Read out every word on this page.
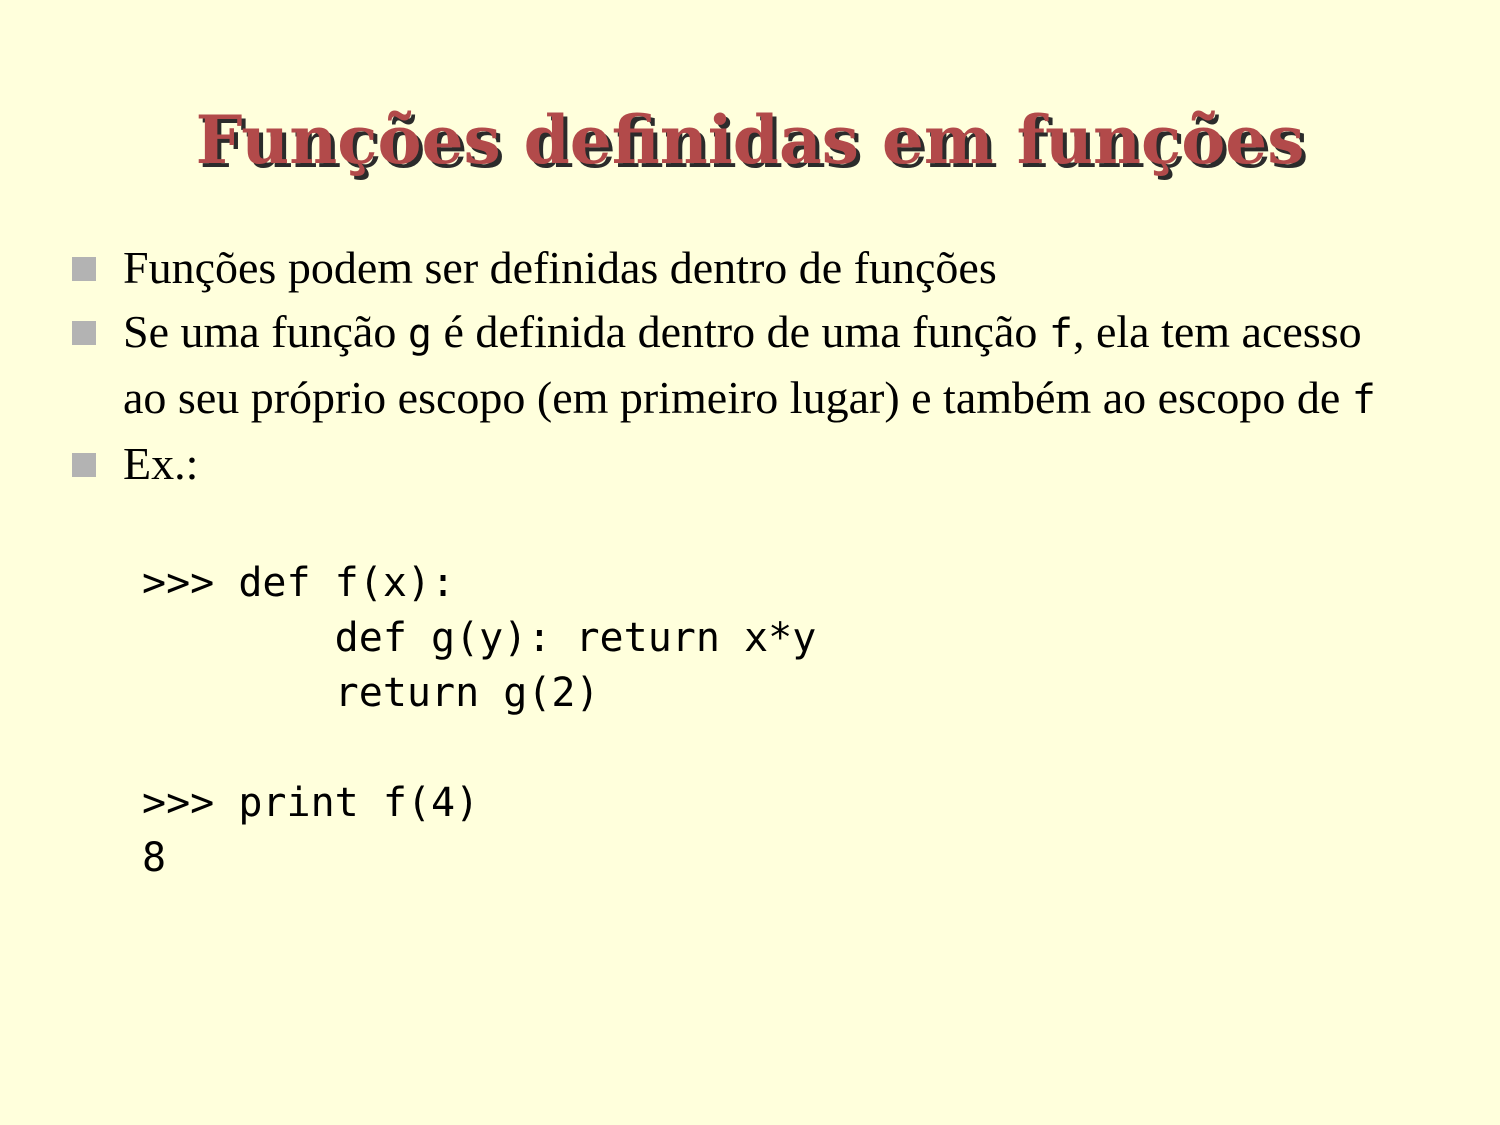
Funções definidas em funções
Funções podem ser definidas dentro de funções
Se uma função g é definida dentro de uma função f, ela tem acesso ao seu próprio escopo (em primeiro lugar) e também ao escopo de f
Ex.:
>>> def f(x):
def g(y): return x*y
return g(2)
>>> print f(4)
8
